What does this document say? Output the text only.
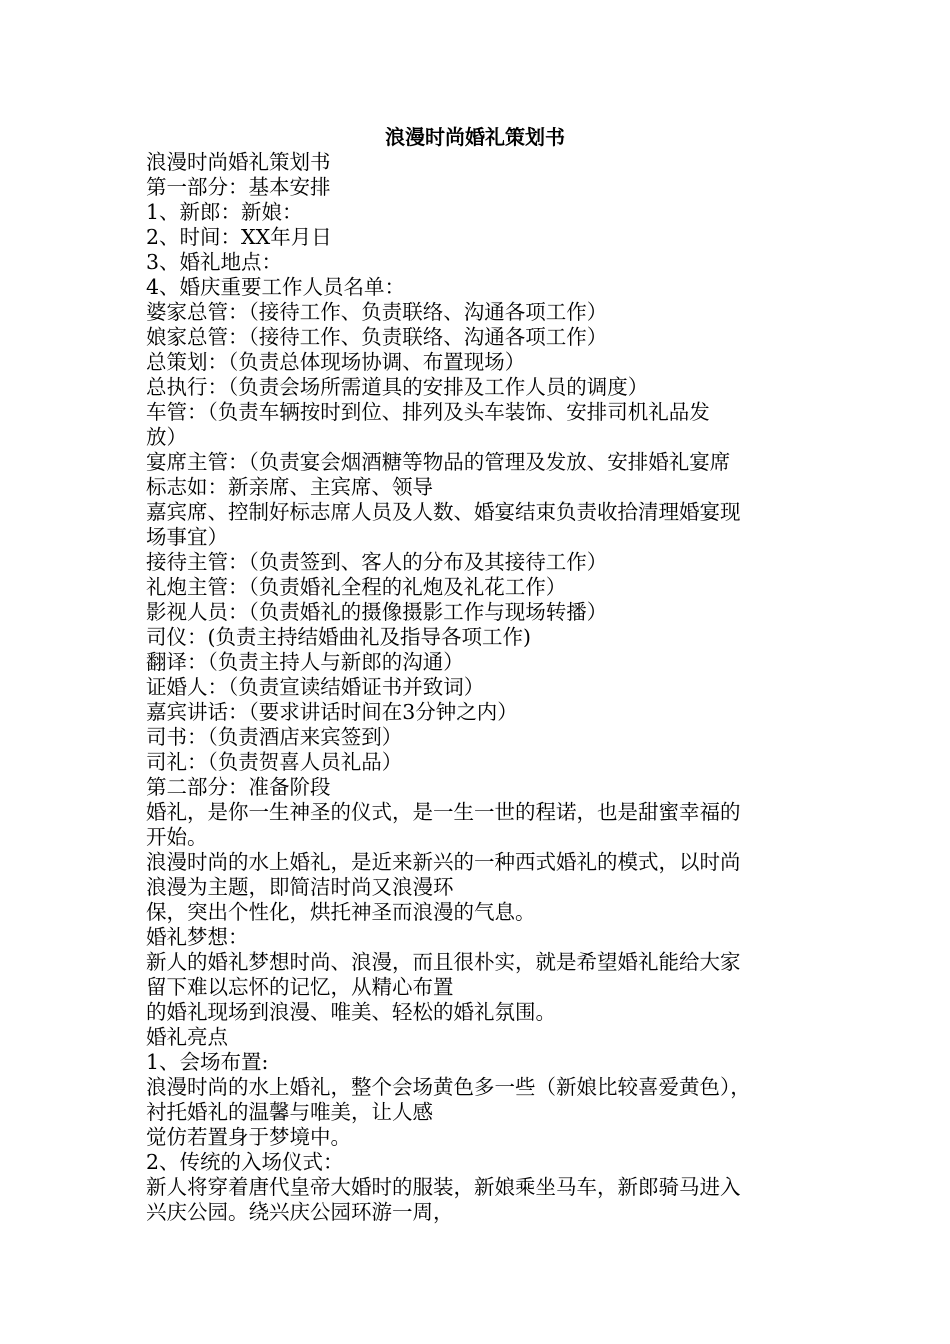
浪漫时尚婚礼策划书
浪漫时尚婚礼策划书
第一部分：基本安排
1、新郎：新娘：
2、时间：XX年月日
3、婚礼地点：
4、婚庆重要工作人员名单：
婆家总管：（接待工作、负责联络、沟通各项工作）
娘家总管：（接待工作、负责联络、沟通各项工作）
总策划：（负责总体现场协调、布置现场）
总执行：（负责会场所需道具的安排及工作人员的调度）
车管：（负责车辆按时到位、排列及头车装饰、安排司机礼品发
放）
宴席主管：（负责宴会烟酒糖等物品的管理及发放、安排婚礼宴席
标志如：新亲席、主宾席、领导
嘉宾席、控制好标志席人员及人数、婚宴结束负责收拾清理婚宴现
场事宜）
接待主管：（负责签到、客人的分布及其接待工作）
礼炮主管：（负责婚礼全程的礼炮及礼花工作）
影视人员：（负责婚礼的摄像摄影工作与现场转播）
司仪：(负责主持结婚曲礼及指导各项工作)
翻译：（负责主持人与新郎的沟通）
证婚人：（负责宣读结婚证书并致词）
嘉宾讲话：（要求讲话时间在3分钟之内）
司书：（负责酒店来宾签到）
司礼：（负责贺喜人员礼品）
第二部分：准备阶段
婚礼，是你一生神圣的仪式，是一生一世的程诺，也是甜蜜幸福的
开始。
浪漫时尚的水上婚礼，是近来新兴的一种西式婚礼的模式，以时尚
浪漫为主题，即简洁时尚又浪漫环
保，突出个性化，烘托神圣而浪漫的气息。
婚礼梦想：
新人的婚礼梦想时尚、浪漫，而且很朴实，就是希望婚礼能给大家
留下难以忘怀的记忆，从精心布置
的婚礼现场到浪漫、唯美、轻松的婚礼氛围。
婚礼亮点
1、会场布置:
浪漫时尚的水上婚礼，整个会场黄色多一些（新娘比较喜爱黄色），
衬托婚礼的温馨与唯美，让人感
觉仿若置身于梦境中。
2、传统的入场仪式：
新人将穿着唐代皇帝大婚时的服装，新娘乘坐马车，新郎骑马进入
兴庆公园。绕兴庆公园环游一周，
